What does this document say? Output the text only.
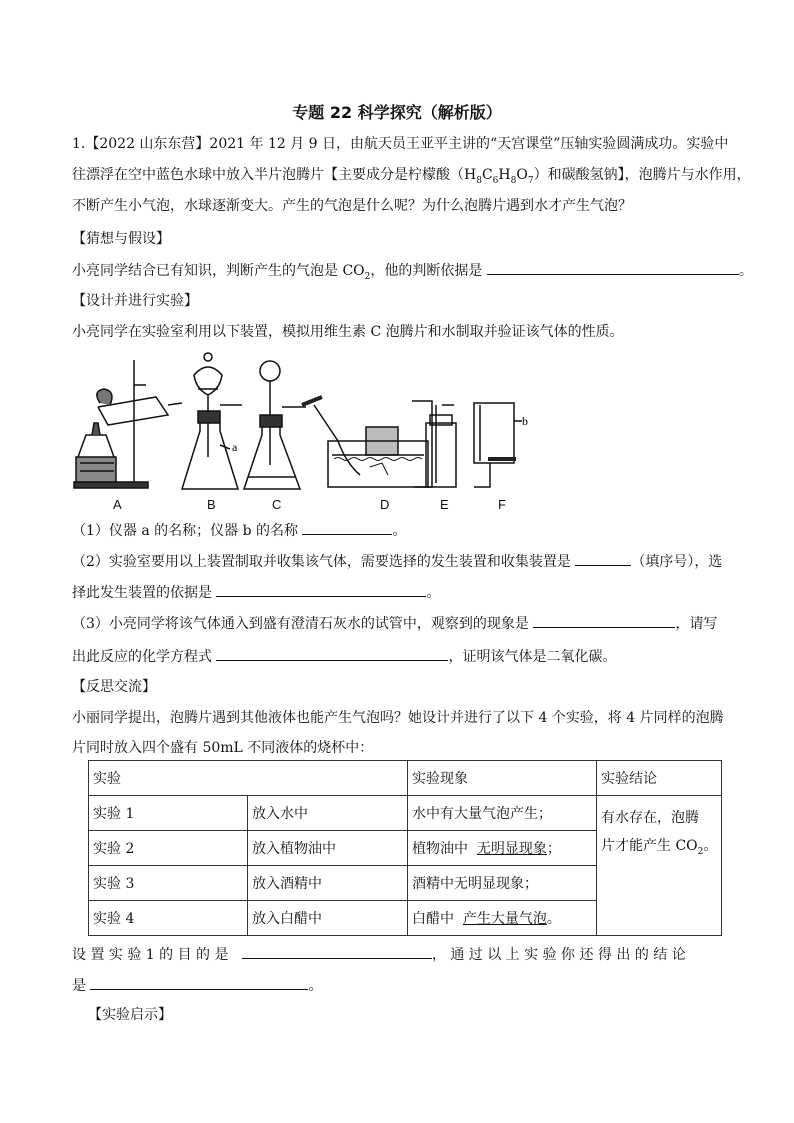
专题 22 科学探究（解析版）
1.【2022 山东东营】2021 年 12 月 9 日，由航天员王亚平主讲的“天宫课堂”压轴实验圆满成功。实验中
往漂浮在空中蓝色水球中放入半片泡腾片【主要成分是柠檬酸$(H_8C_6H_8O_7)$和碳酸氢钠】，泡腾片与水作用，
不断产生小气泡，水球逐渐变大。产生的气泡是什么呢？为什么泡腾片遇到水才产生气泡？
【猜想与假设】
小亮同学结合已有知识，判断产生的气泡是 $CO_2$，他的判断依据是	。
【设计并进行实验】
小亮同学在实验室利用以下装置，模拟用维生素 C 泡腾片和水制取并验证该气体的性质。
a
b
A	B	C	D	E	F
（1）仪器 a 的名称；仪器 b 的名称	。
（2）实验室要用以上装置制取并收集该气体，需要选择的发生装置和收集装置是	（填序号），选
择此发生装置的依据是	。
（3）小亮同学将该气体通入到盛有澄清石灰水的试管中，观察到的现象是	，请写
出此反应的化学方程式	，证明该气体是二氧化碳。
【反思交流】
小丽同学提出，泡腾片遇到其他液体也能产生气泡吗？她设计并进行了以下 4 个实验，将 4 片同样的泡腾
片同时放入四个盛有 50mL 不同液体的烧杯中：
实验		实验现象	实验结论
实验 1	放入水中	水中有大量气泡产生；	有水存在，泡腾
片才能产生 $CO_2$。
实验 2	放入植物油中	植物油中 无明显现象；	
实验 3	放入酒精中	酒精中无明显现象；	
实验 4	放入白醋中	白醋中 产生大量气泡。	
设 置 实 验 1 的 目 的 是	， 通 过 以 上 实 验 你 还 得 出 的 结 论
是	。
【实验启示】
